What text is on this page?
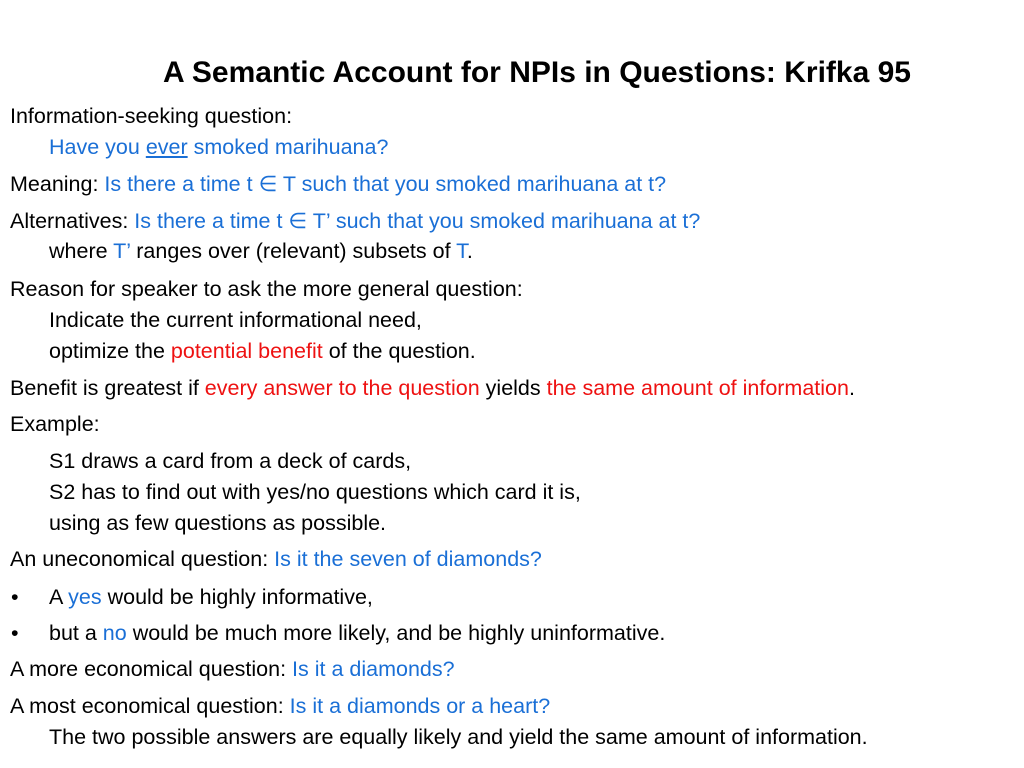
A Semantic Account for NPIs in Questions: Krifka 95
Information-seeking question:
Have you ever smoked marihuana?
Meaning: Is there a time t ∈ T such that you smoked marihuana at t?
Alternatives: Is there a time t ∈ T’ such that you smoked marihuana at t?
where T’ ranges over (relevant) subsets of T.
Reason for speaker to ask the more general question:
Indicate the current informational need,
optimize the potential benefit of the question.
Benefit is greatest if every answer to the question yields the same amount of information.
Example:
S1 draws a card from a deck of cards,
S2 has to find out with yes/no questions which card it is,
using as few questions as possible.
An uneconomical question: Is it the seven of diamonds?
• A yes would be highly informative,
• but a no would be much more likely, and be highly uninformative.
A more economical question: Is it a diamonds?
A most economical question: Is it a diamonds or a heart?
The two possible answers are equally likely and yield the same amount of information.
